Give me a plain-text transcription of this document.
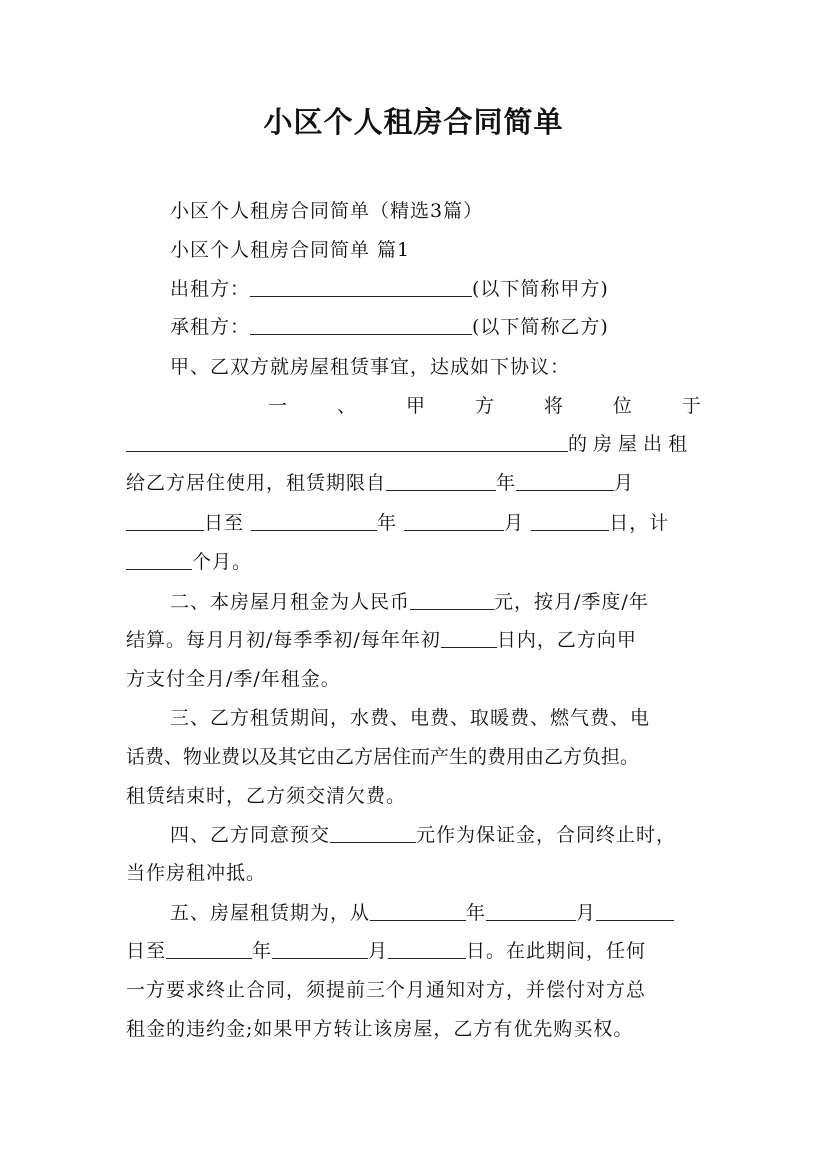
小区个人租房合同简单
小区个人租房合同简单（精选3篇）
小区个人租房合同简单 篇1
出租方：	(以下简称甲方)
承租方：	(以下简称乙方)
甲、乙双方就房屋租赁事宜，达成如下协议：
一	、	甲	方	将	位	于
的房屋出租
给乙方居住使用，租赁期限自	年	月
日至	年	月	日，计
个月。
二、本房屋月租金为人民币	元，按月/季度/年
结算。每月月初/每季季初/每年年初	日内，乙方向甲
方支付全月/季/年租金。
三、乙方租赁期间，水费、电费、取暖费、燃气费、电
话费、物业费以及其它由乙方居住而产生的费用由乙方负担。
租赁结束时，乙方须交清欠费。
四、乙方同意预交	元作为保证金，合同终止时，
当作房租冲抵。
五、房屋租赁期为，从	年	月
日至	年	月	日。在此期间，任何
一方要求终止合同，须提前三个月通知对方，并偿付对方总
租金的违约金;如果甲方转让该房屋，乙方有优先购买权。
